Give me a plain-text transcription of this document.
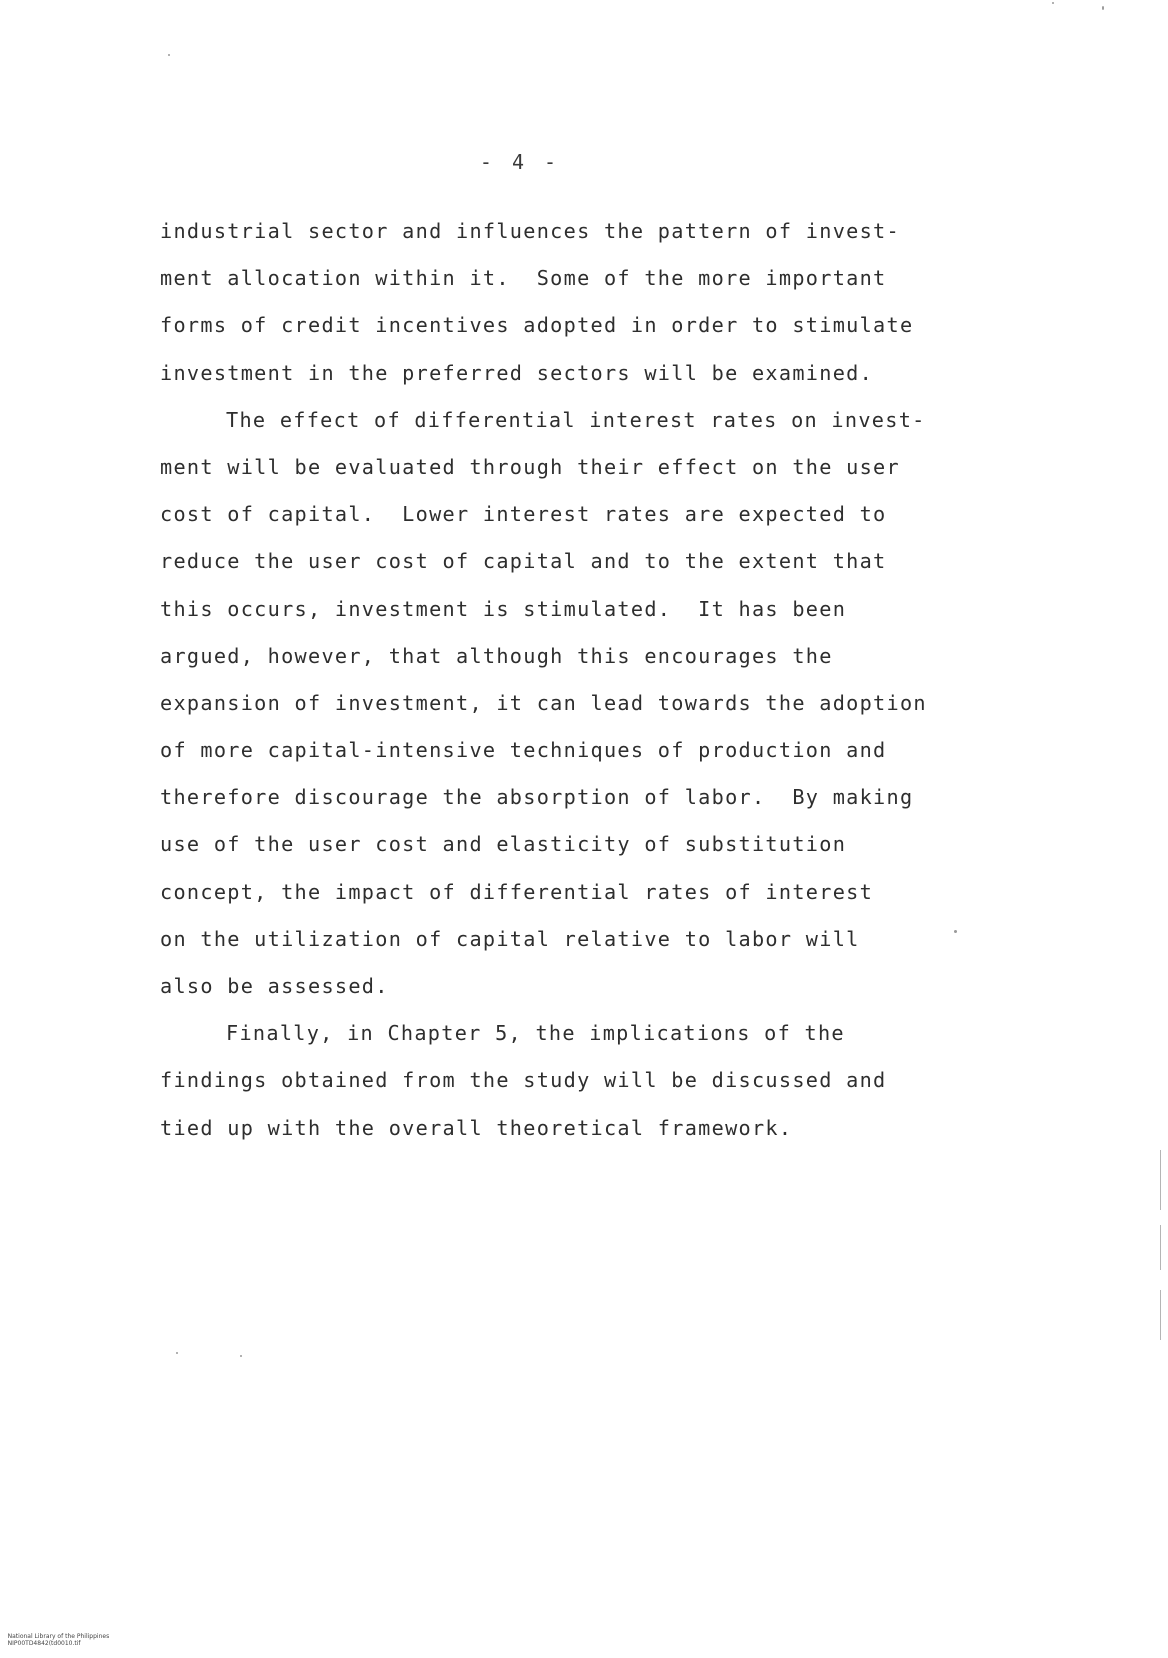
- 4 -
industrial sector and influences the pattern of invest-
ment allocation within it.  Some of the more important
forms of credit incentives adopted in order to stimulate
investment in the preferred sectors will be examined.
The effect of differential interest rates on invest-
ment will be evaluated through their effect on the user
cost of capital.  Lower interest rates are expected to
reduce the user cost of capital and to the extent that
this occurs, investment is stimulated.  It has been
argued, however, that although this encourages the
expansion of investment, it can lead towards the adoption
of more capital-intensive techniques of production and
therefore discourage the absorption of labor.  By making
use of the user cost and elasticity of substitution
concept, the impact of differential rates of interest
on the utilization of capital relative to labor will
also be assessed.
Finally, in Chapter 5, the implications of the
findings obtained from the study will be discussed and
tied up with the overall theoretical framework.

National Library of the Philippines
NIP00TD4842(td0010.tif
